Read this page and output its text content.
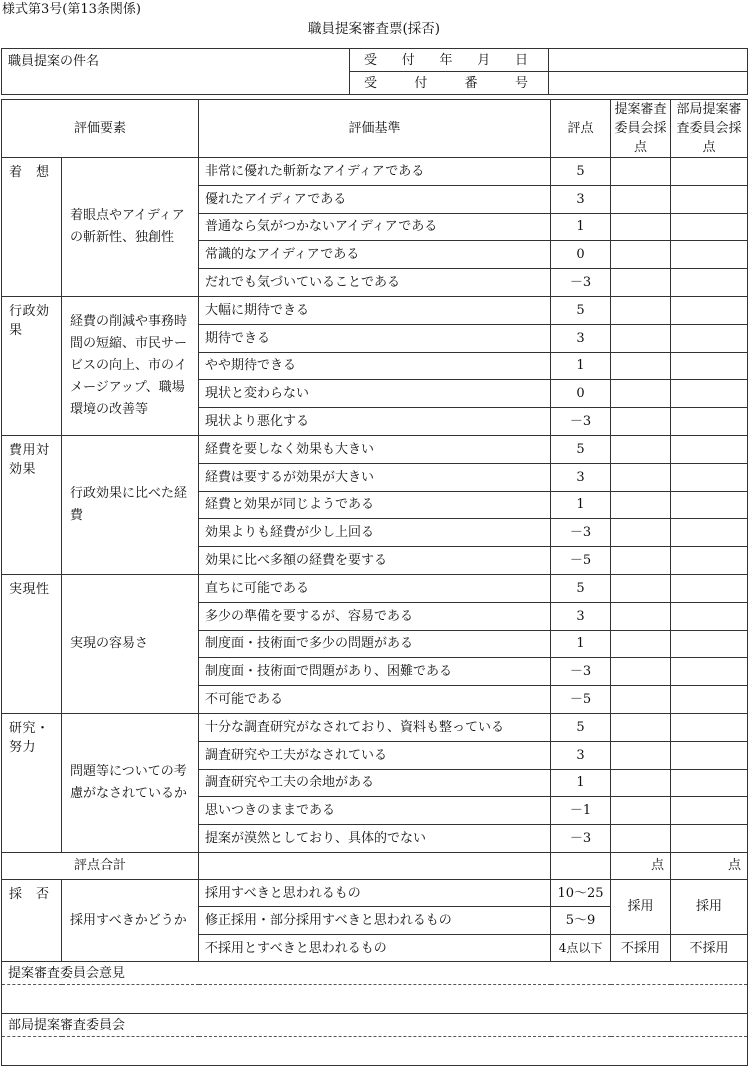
様式第3号(第13条関係)
職員提案審査票(採否)
職員提案の件名	受 付 年 月 日	

	受 付 番 号	

評価要素		評価基準	評点	提案審査委員会採点	部局提案審査委員会採点
着　想	着眼点やアイディアの斬新性、独創性	非常に優れた斬新なアイディアである	5		
		優れたアイディアである	3		
		普通なら気がつかないアイディアである	1		
		常識的なアイディアである	0		
		だれでも気づいていることである	－3		
行政効果	経費の削減や事務時間の短縮、市民サービスの向上、市のイメージアップ、職場環境の改善等	大幅に期待できる	5		
		期待できる	3		
		やや期待できる	1		
		現状と変わらない	0		
		現状より悪化する	－3		
費用対効果	行政効果に比べた経費	経費を要しなく効果も大きい	5		
		経費は要するが効果が大きい	3		
		経費と効果が同じようである	1		
		効果よりも経費が少し上回る	－3		
		効果に比べ多額の経費を要する	－5		
実現性	実現の容易さ	直ちに可能である	5		
		多少の準備を要するが、容易である	3		
		制度面・技術面で多少の問題がある	1		
		制度面・技術面で問題があり、困難である	－3		
		不可能である	－5		
研究・努力	問題等についての考慮がなされているか	十分な調査研究がなされており、資料も整っている	5		
		調査研究や工夫がなされている	3		
		調査研究や工夫の余地がある	1		
		思いつきのままである	－1		
		提案が漠然としており、具体的でない	－3		
評点合計				点	点
採　否	採用すべきかどうか	採用すべきと思われるもの	10〜25	採用	採用
		修正採用・部分採用すべきと思われるもの	5〜9		
		不採用とすべきと思われるもの	4点以下	不採用	不採用
提案審査委員会意見					

部局提案審査委員会					
